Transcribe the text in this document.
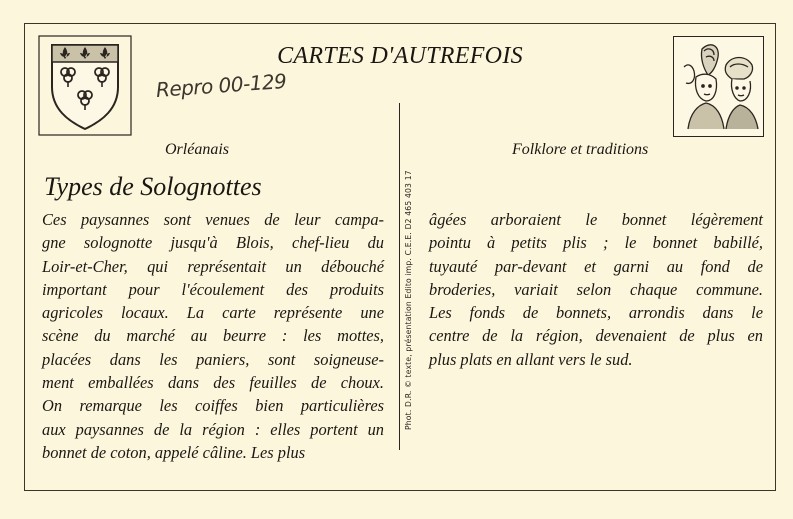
CARTES D'AUTREFOIS
Repro 00-129
Orléanais	Folklore et traditions
Types de Solognottes	Phot. D.R. © texte, présentation Edito imp. C.E.E. D2 465 403 17
Ces paysannes sont venues de leur campa-
gne solognotte jusqu'à Blois, chef-lieu du
Loir-et-Cher, qui représentait un débouché
important pour l'écoulement des produits
agricoles locaux. La carte représente une
scène du marché au beurre : les mottes,
placées dans les paniers, sont soigneuse-
ment emballées dans des feuilles de choux.
On remarque les coiffes bien particulières
aux paysannes de la région : elles portent un
bonnet de coton, appelé câline. Les plus
âgées arboraient le bonnet légèrement
pointu à petits plis ; le bonnet babillé,
tuyauté par-devant et garni au fond de
broderies, variait selon chaque commune.
Les fonds de bonnets, arrondis dans le
centre de la région, devenaient de plus en
plus plats en allant vers le sud.
